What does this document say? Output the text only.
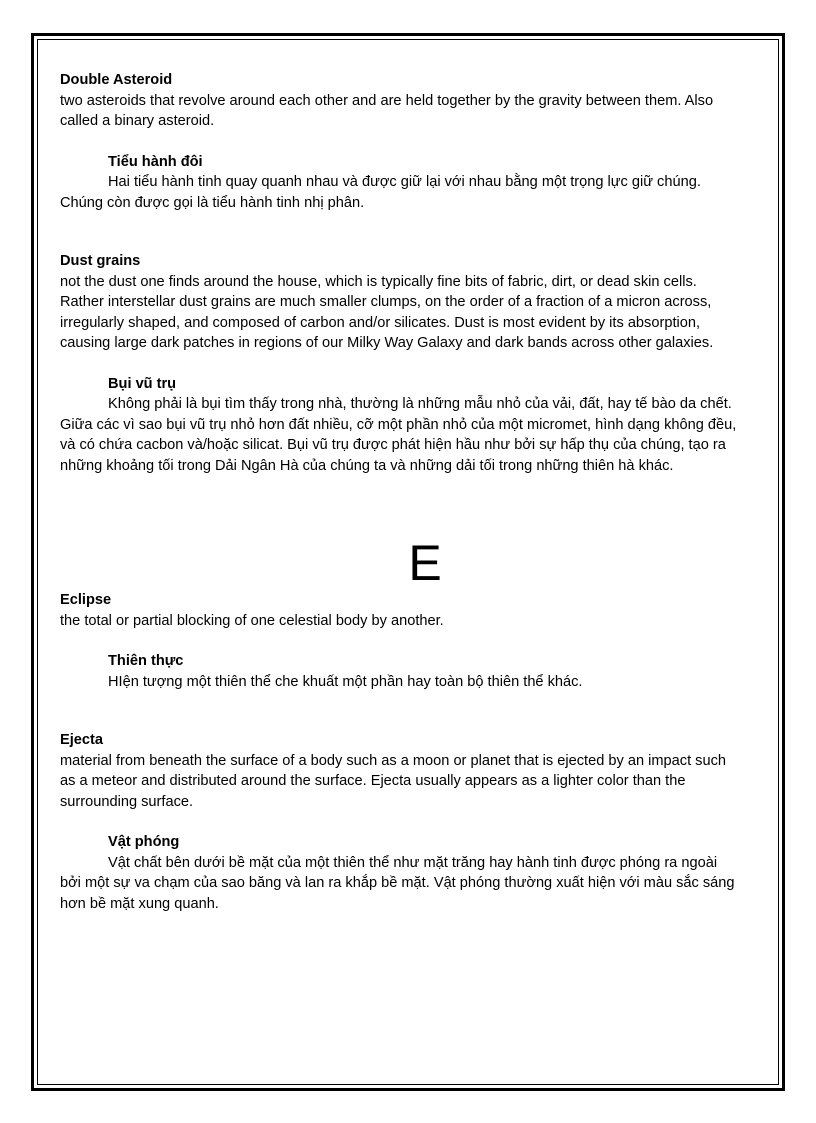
Double Asteroid

two asteroids that revolve around each other and are held together by the gravity between them. Also called a binary asteroid.

Tiểu hành đôi

Hai tiểu hành tinh quay quanh nhau và được giữ lại với nhau bằng một trọng lực giữ chúng. Chúng còn được gọi là tiểu hành tinh nhị phân.

Dust grains

not the dust one finds around the house, which is typically fine bits of fabric, dirt, or dead skin cells. Rather interstellar dust grains are much smaller clumps, on the order of a fraction of a micron across, irregularly shaped, and composed of carbon and/or silicates. Dust is most evident by its absorption, causing large dark patches in regions of our Milky Way Galaxy and dark bands across other galaxies.

Bụi vũ trụ

Không phải là bụi tìm thấy trong nhà, thường là những mẫu nhỏ của vải, đất, hay tế bào da chết. Giữa các vì sao bụi vũ trụ nhỏ hơn đất nhiều, cỡ một phần nhỏ của một micromet, hình dạng không đều, và có chứa cacbon và/hoặc silicat. Bụi vũ trụ được phát hiện hầu như bởi sự hấp thụ của chúng, tạo ra những khoảng tối trong Dải Ngân Hà của chúng ta và những dải tối trong những thiên hà khác.

E

Eclipse

the total or partial blocking of one celestial body by another.

Thiên thực

HIện tượng một thiên thể che khuất một phần hay toàn bộ thiên thể khác.

Ejecta

material from beneath the surface of a body such as a moon or planet that is ejected by an impact such as a meteor and distributed around the surface. Ejecta usually appears as a lighter color than the surrounding surface.

Vật phóng

Vật chất bên dưới bề mặt của một thiên thể như mặt trăng hay hành tinh được phóng ra ngoài bởi một sự va chạm của sao băng và lan ra khắp bề mặt. Vật phóng thường xuất hiện với màu sắc sáng hơn bề mặt xung quanh.
